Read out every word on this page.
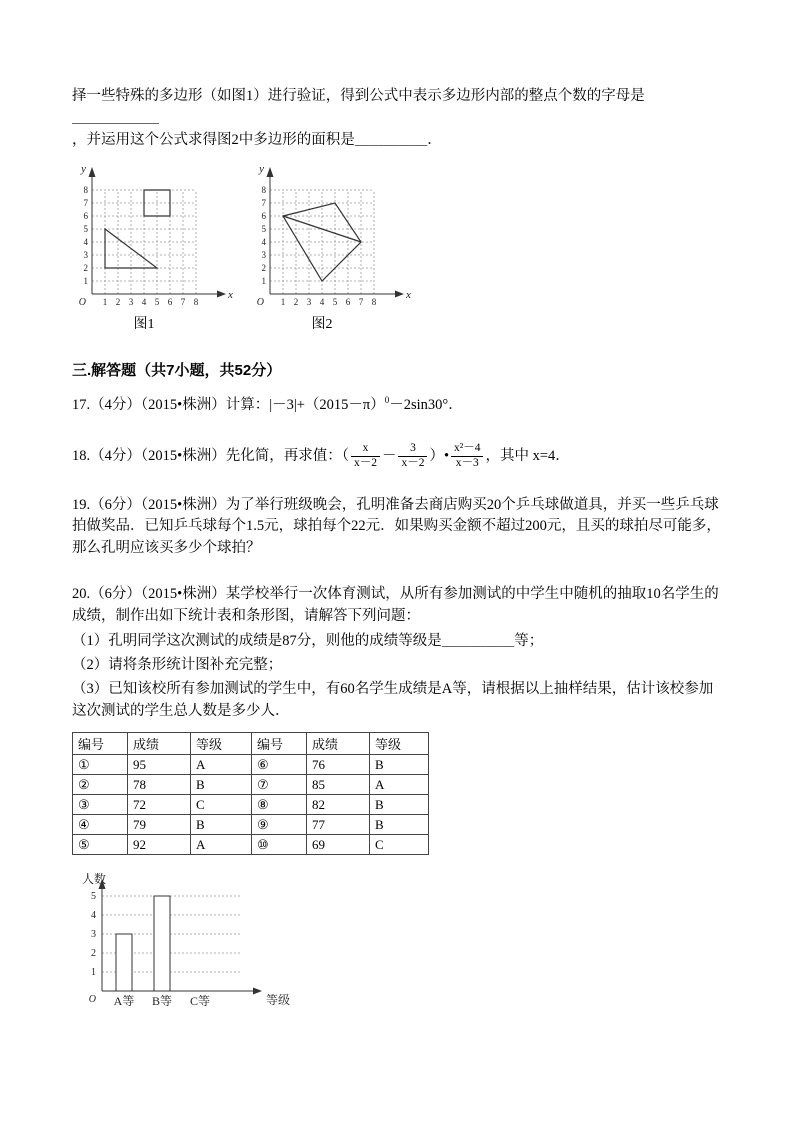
择一些特殊的多边形（如图1）进行验证，得到公式中表示多边形内部的整点个数的字母是＿＿＿＿＿＿
，并运用这个公式求得图2中多边形的面积是＿＿＿＿＿．

y
x
O 1 2 3 4 5 6 7 8
1
2
3
4
5
6
7
8
图1
y
x
O 1 2 3 4 5 6 7 8
1
2
3
4
5
6
7
8
图2
三.解答题（共7小题，共52分）

17.（4分）（2015•株洲）计算：$|-3|+(2015-\pi)^0-2\sin 30^\circ$．

18.（4分）（2015•株洲）先化简，再求值：（ $\frac{x}{x-2} - \frac{3}{x-2}$ ）• $\frac{\text{x²－4}}{x-3}$ ，其中 x=4．

19.（6分）（2015•株洲）为了举行班级晚会，孔明准备去商店购买20个乒乓球做道具，并买一些乒乓球拍做奖品．已知乒乓球每个1.5元，球拍每个22元．如果购买金额不超过200元，且买的球拍尽可能多，那么孔明应该买多少个球拍？

20.（6分）（2015•株洲）某学校举行一次体育测试，从所有参加测试的中学生中随机的抽取10名学生的成绩，制作出如下统计表和条形图，请解答下列问题：

（1）孔明同学这次测试的成绩是87分，则他的成绩等级是＿＿＿＿＿等；

（2）请将条形统计图补充完整；

（3）已知该校所有参加测试的学生中，有60名学生成绩是A等，请根据以上抽样结果，估计该校参加这次测试的学生总人数是多少人．

编号	成绩	等级	编号	成绩	等级
①	95	A	⑥	76	B
②	78	B	⑦	85	A
③	72	C	⑧	82	B
④	79	B	⑨	77	B
⑤	92	A	⑩	69	C
人数
等级
O
1
2
3
4
5
A等 B等 C等
